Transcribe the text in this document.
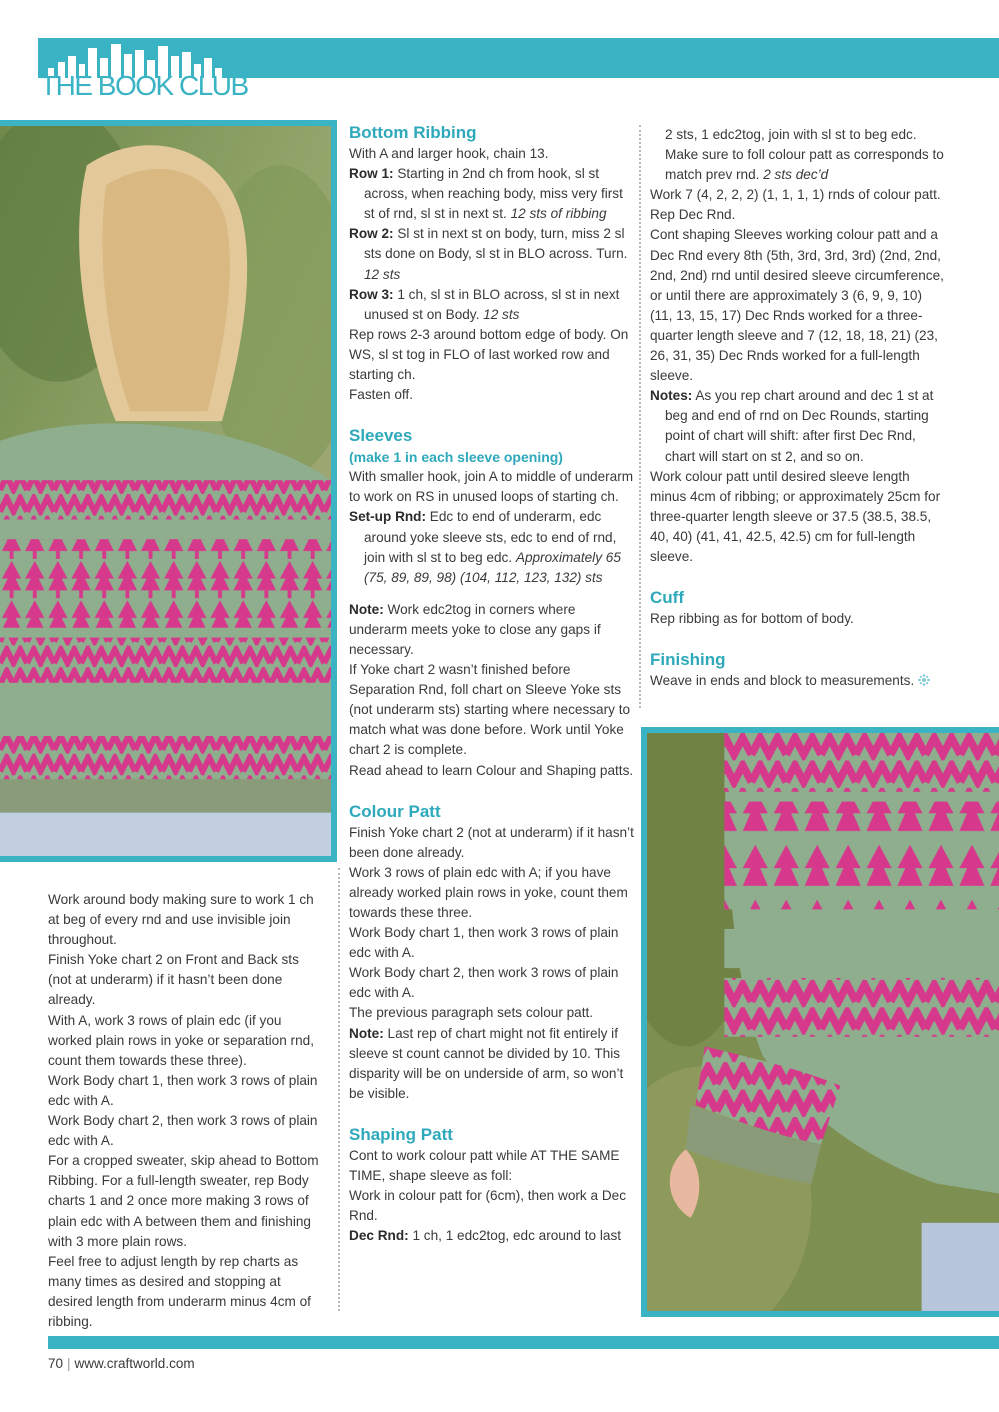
THE BOOK CLUB

Work around body making sure to work 1 ch at beg of every rnd and use invisible join throughout.

Finish Yoke chart 2 on Front and Back sts (not at underarm) if it hasn’t been done already.

With A, work 3 rows of plain edc (if you worked plain rows in yoke or separation rnd, count them towards these three).

Work Body chart 1, then work 3 rows of plain edc with A.

Work Body chart 2, then work 3 rows of plain edc with A.

For a cropped sweater, skip ahead to Bottom Ribbing. For a full-length sweater, rep Body charts 1 and 2 once more making 3 rows of plain edc with A between them and finishing with 3 more plain rows.

Feel free to adjust length by rep charts as many times as desired and stopping at desired length from underarm minus 4cm of ribbing.

Bottom Ribbing

With A and larger hook, chain 13.

Row 1: Starting in 2nd ch from hook, sl st across, when reaching body, miss very first st of rnd, sl st in next st. 12 sts of ribbing

Row 2: Sl st in next st on body, turn, miss 2 sl sts done on Body, sl st in BLO across. Turn. 12 sts

Row 3: 1 ch, sl st in BLO across, sl st in next unused st on Body. 12 sts

Rep rows 2-3 around bottom edge of body. On WS, sl st tog in FLO of last worked row and starting ch.

Fasten off.

Sleeves
(make 1 in each sleeve opening)

With smaller hook, join A to middle of underarm to work on RS in unused loops of starting ch.

Set-up Rnd: Edc to end of underarm, edc around yoke sleeve sts, edc to end of rnd, join with sl st to beg edc. Approximately 65 (75, 89, 89, 98) (104, 112, 123, 132) sts

Note: Work edc2tog in corners where underarm meets yoke to close any gaps if necessary.

If Yoke chart 2 wasn’t finished before Separation Rnd, foll chart on Sleeve Yoke sts (not underarm sts) starting where necessary to match what was done before. Work until Yoke chart 2 is complete.

Read ahead to learn Colour and Shaping patts.

Colour Patt

Finish Yoke chart 2 (not at underarm) if it hasn’t been done already.

Work 3 rows of plain edc with A; if you have already worked plain rows in yoke, count them towards these three.

Work Body chart 1, then work 3 rows of plain edc with A.

Work Body chart 2, then work 3 rows of plain edc with A.

The previous paragraph sets colour patt.

Note: Last rep of chart might not fit entirely if sleeve st count cannot be divided by 10. This disparity will be on underside of arm, so won’t be visible.

Shaping Patt

Cont to work colour patt while AT THE SAME TIME, shape sleeve as foll:

Work in colour patt for (6cm), then work a Dec Rnd.

Dec Rnd: 1 ch, 1 edc2tog, edc around to last

2 sts, 1 edc2tog, join with sl st to beg edc. Make sure to foll colour patt as corresponds to match prev rnd. 2 sts dec’d

Work 7 (4, 2, 2, 2) (1, 1, 1, 1) rnds of colour patt.

Rep Dec Rnd.

Cont shaping Sleeves working colour patt and a Dec Rnd every 8th (5th, 3rd, 3rd, 3rd) (2nd, 2nd, 2nd, 2nd) rnd until desired sleeve circumference, or until there are approximately 3 (6, 9, 9, 10) (11, 13, 15, 17) Dec Rnds worked for a three-quarter length sleeve and 7 (12, 18, 18, 21) (23, 26, 31, 35) Dec Rnds worked for a full-length sleeve.

Notes: As you rep chart around and dec 1 st at beg and end of rnd on Dec Rounds, starting point of chart will shift: after first Dec Rnd, chart will start on st 2, and so on.

Work colour patt until desired sleeve length minus 4cm of ribbing; or approximately 25cm for three-quarter length sleeve or 37.5 (38.5, 38.5, 40, 40) (41, 41, 42.5, 42.5) cm for full-length sleeve.

Cuff

Rep ribbing as for bottom of body.

Finishing

Weave in ends and block to measurements.

70 | www.craftworld.com
